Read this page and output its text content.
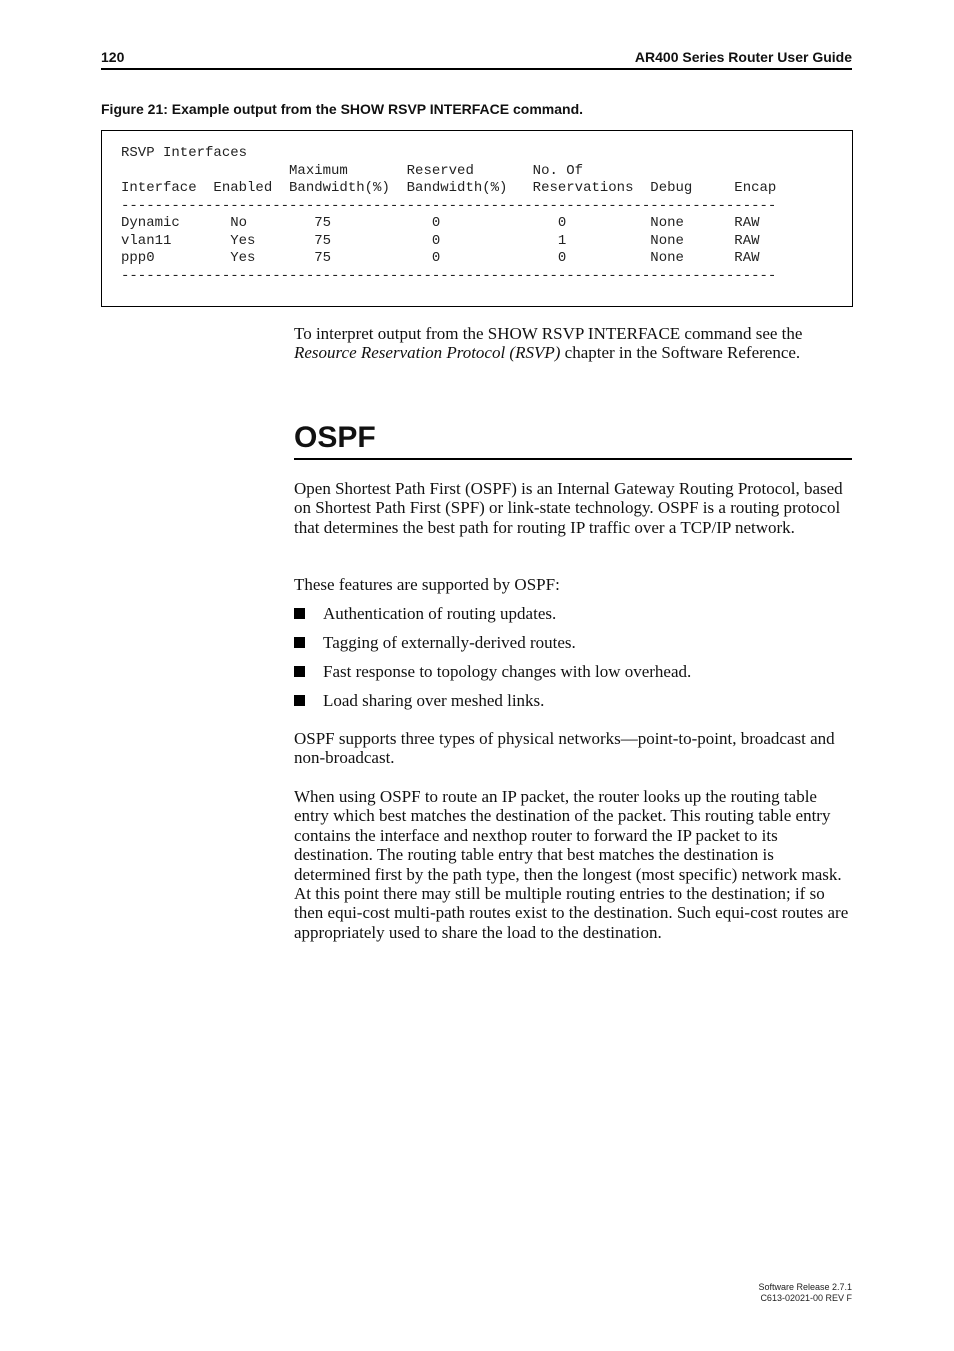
120	AR400 Series Router User Guide
Figure 21: Example output from the SHOW RSVP INTERFACE command.
RSVP Interfaces
Maximum       Reserved       No. Of
Interface  Enabled  Bandwidth(%)  Bandwidth(%)   Reservations  Debug     Encap
------------------------------------------------------------------------------
Dynamic      No        75            0              0          None      RAW
vlan11       Yes       75            0              1          None      RAW
ppp0         Yes       75            0              0          None      RAW
------------------------------------------------------------------------------
To interpret output from the SHOW RSVP INTERFACE command see the Resource Reservation Protocol (RSVP) chapter in the Software Reference.
OSPF
Open Shortest Path First (OSPF) is an Internal Gateway Routing Protocol, based on Shortest Path First (SPF) or link-state technology. OSPF is a routing protocol that determines the best path for routing IP traffic over a TCP/IP network.
These features are supported by OSPF:
Authentication of routing updates.
Tagging of externally-derived routes.
Fast response to topology changes with low overhead.
Load sharing over meshed links.
OSPF supports three types of physical networks—point-to-point, broadcast and non-broadcast.
When using OSPF to route an IP packet, the router looks up the routing table entry which best matches the destination of the packet. This routing table entry contains the interface and nexthop router to forward the IP packet to its destination. The routing table entry that best matches the destination is determined first by the path type, then the longest (most specific) network mask. At this point there may still be multiple routing entries to the destination; if so then equi-cost multi-path routes exist to the destination. Such equi-cost routes are appropriately used to share the load to the destination.
Software Release 2.7.1
C613-02021-00 REV F
